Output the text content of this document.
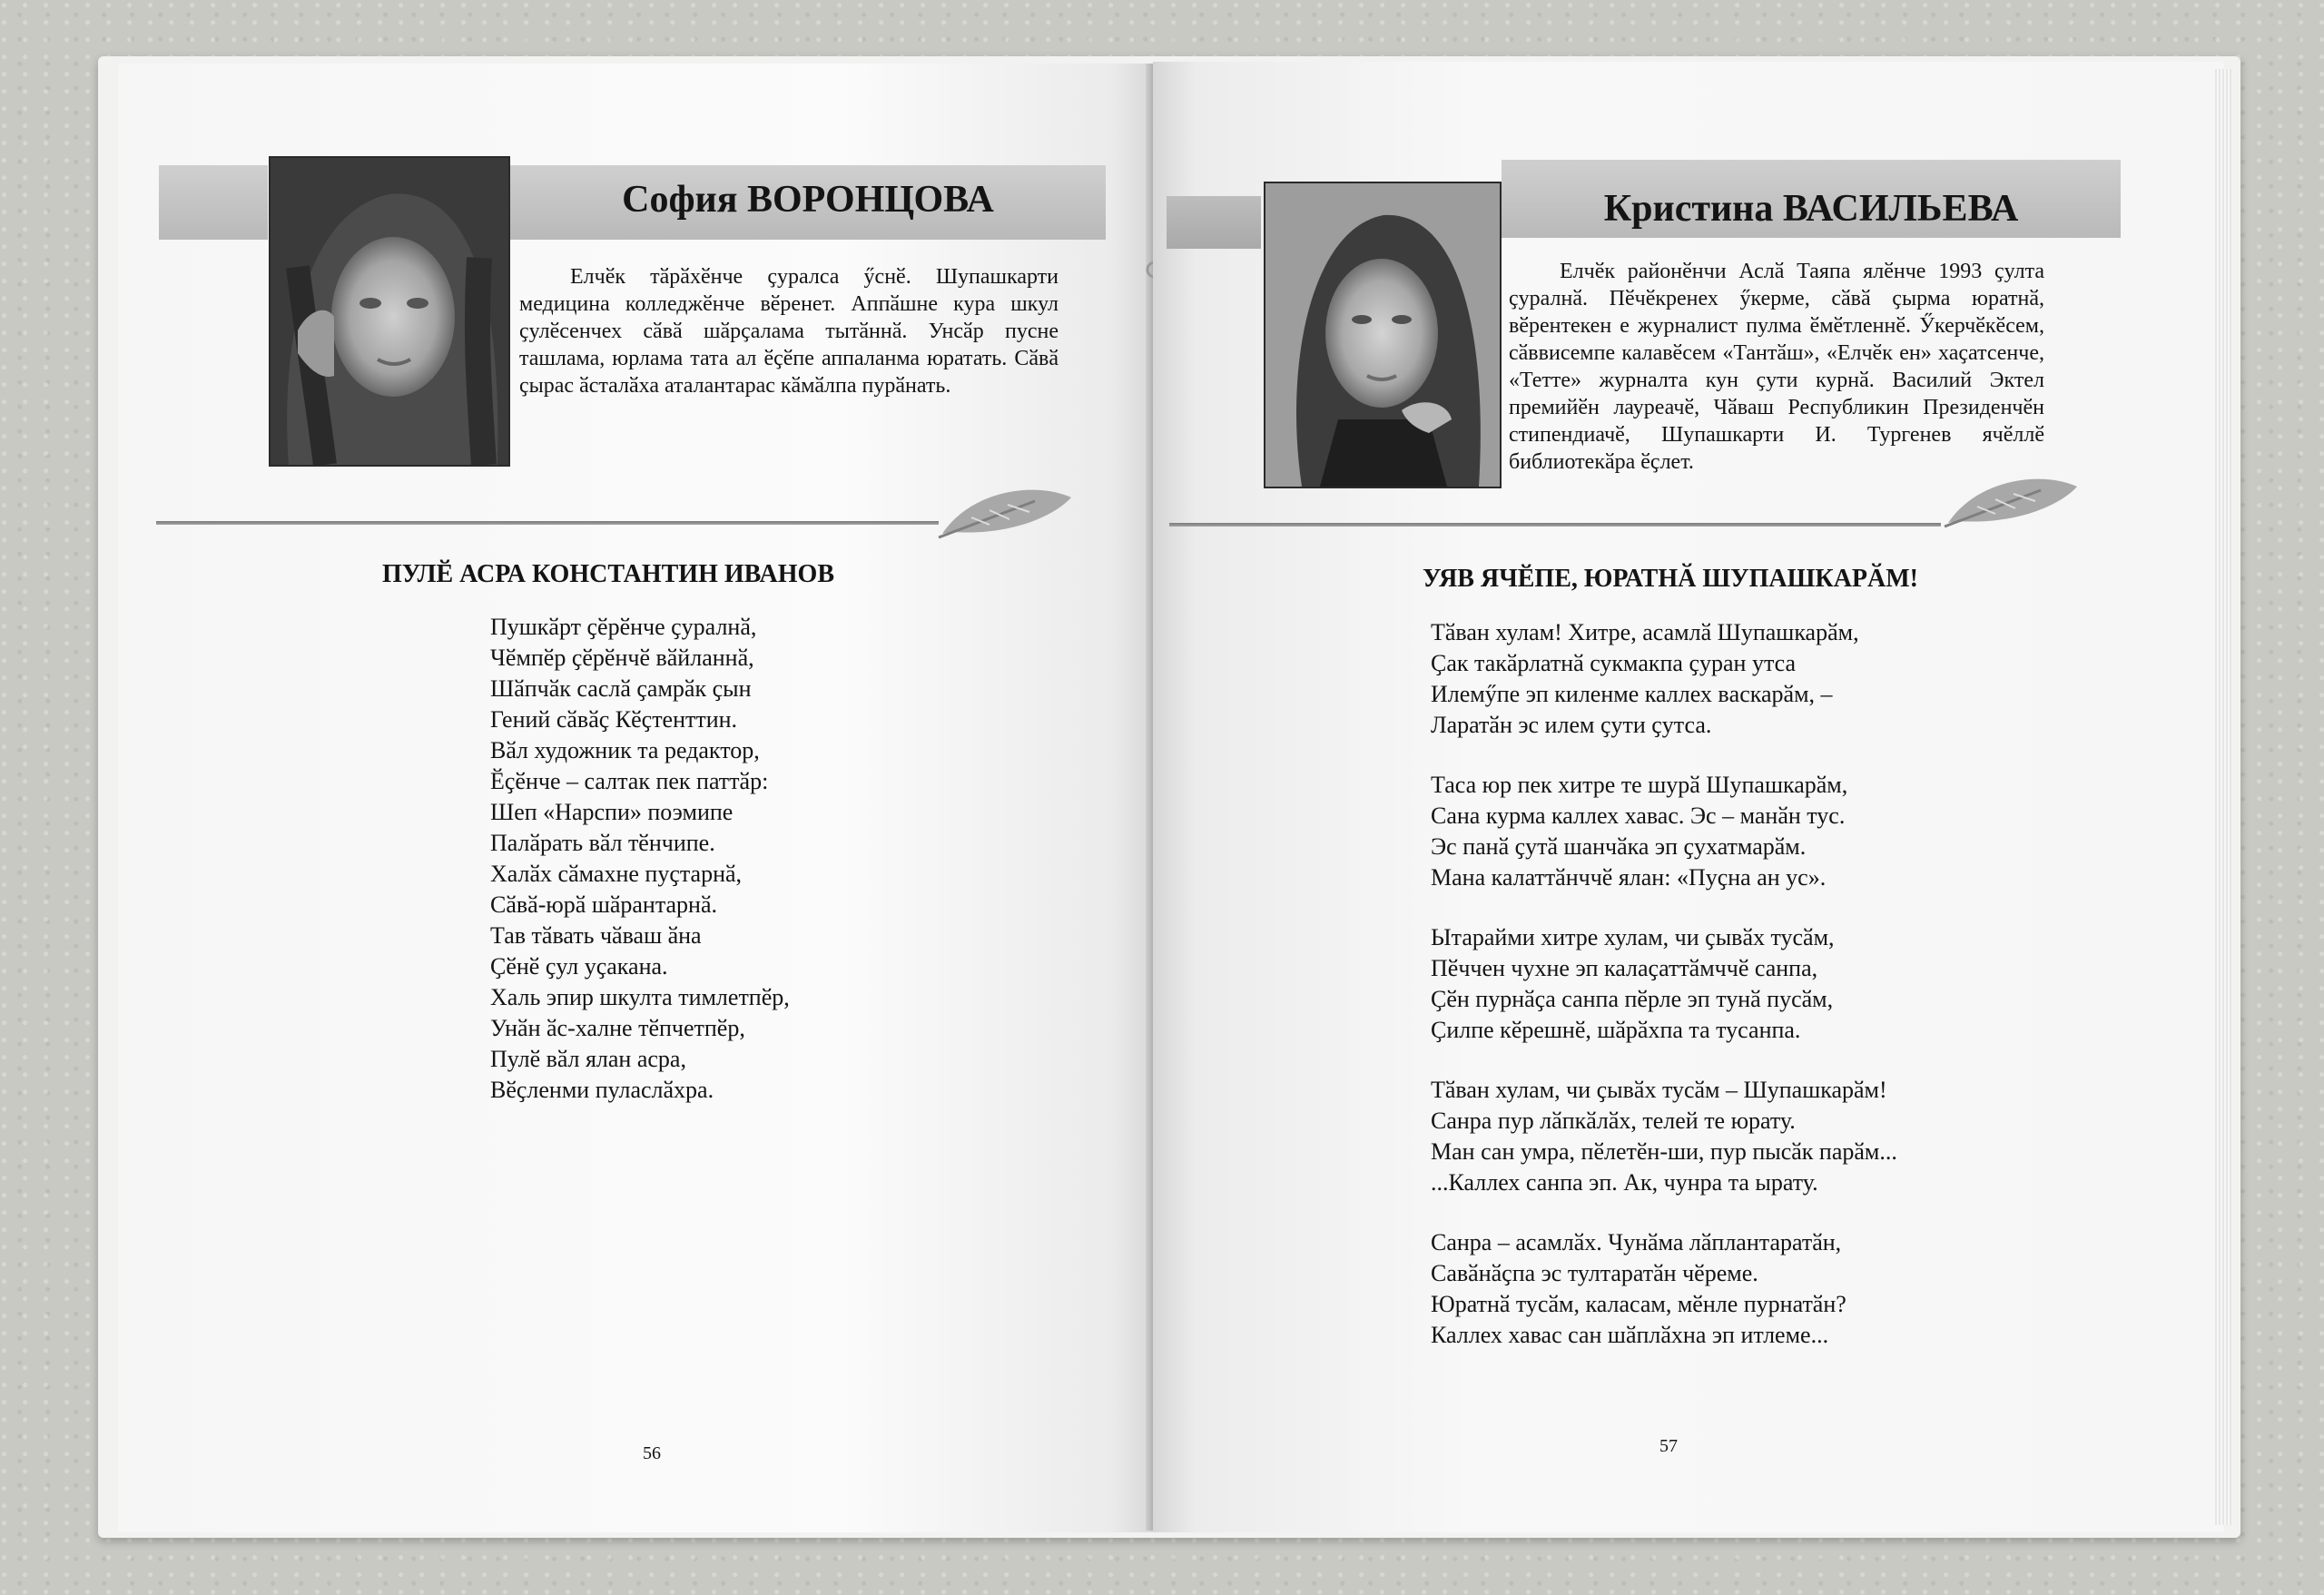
София ВОРОНЦОВА

Елчӗк тӑрӑхӗнче ҫуралса ӳснӗ. Шупашкарти медицина колледжӗнче вӗренет. Аппӑшне кура шкул ҫулӗсенчех сӑвӑ шӑрҫалама тытӑннӑ. Унсӑр пусне ташлама, юрлама тата ал ӗҫӗпе аппаланма юратать. Сӑвӑ ҫырас ӑсталӑха аталантарас кӑмӑлпа пурӑнать.

ПУЛӖ АСРА КОНСТАНТИН ИВАНОВ
Пушкӑрт ҫӗрӗнче ҫуралнӑ,
Чӗмпӗр ҫӗрӗнчӗ вӑйланнӑ,
Шӑпчӑк саслӑ ҫамрӑк ҫын
Гений сӑвӑҫ Кӗҫтенттин.
Вӑл художник та редактор,
Ӗҫӗнче – салтак пек паттӑр:
Шеп «Нарспи» поэмипе
Палӑрать вӑл тӗнчипе.
Халӑх сӑмахне пуҫтарнӑ,
Сӑвӑ-юрӑ шӑрантарнӑ.
Тав тӑвать чӑваш ӑна
Ҫӗнӗ ҫул уҫакана.
Халь эпир шкулта тимлетпӗр,
Унӑн ӑс-халне тӗпчетпӗр,
Пулӗ вӑл ялан асра,
Вӗҫленми пуласлӑхра.
56
Кристина ВАСИЛЬЕВА

Елчӗк районӗнчи Аслӑ Таяпа ялӗнче 1993 ҫулта ҫуралнӑ. Пӗчӗкренех ӳкерме, сӑвӑ ҫырма юратнӑ, вӗрентекен е журналист пулма ӗмӗтленнӗ. Ӳкерчӗкӗсем, сӑввисемпе калавӗсем «Тантӑш», «Елчӗк ен» хаҫатсенче, «Тетте» журналта кун ҫути курнӑ. Василий Эктел премийӗн лауреачӗ, Чӑваш Республикин Президенчӗн стипендиачӗ, Шупашкарти И. Тургенев ячӗллӗ библиотекӑра ӗҫлет.

УЯВ ЯЧӖПЕ, ЮРАТНӐ ШУПАШКАРӐМ!
Тӑван хулам! Хитре, асамлӑ Шупашкарӑм,
Ҫак такӑрлатнӑ сукмакпа ҫуран утса
Илемӳпе эп киленме каллех вaскарӑм, –
Ларатӑн эс илем ҫути ҫутса.
Таса юр пек хитре те шурӑ Шупашкарӑм,
Сана курма каллех хавас. Эс – манӑн тус.
Эс панӑ ҫутӑ шанчӑка эп ҫухатмарӑм.
Мана калаттӑнччӗ ялан: «Пуҫна ан ус».
Ытарайми хитре хулам, чи ҫывӑх тусӑм,
Пӗччен чухне эп калаҫаттӑмччӗ санпа,
Ҫӗн пурнӑҫа санпа пӗрле эп тунӑ пусӑм,
Ҫилпе кӗрешнӗ, шӑрӑхпа та тусанпа.
Тӑван хулам, чи ҫывӑх тусӑм – Шупашкарӑм!
Санра пур лӑпкӑлӑх, телей те юрату.
Ман сан умра, пӗлетӗн-ши, пур пысӑк парӑм...
...Каллех санпа эп. Ак, чунра та ырату.
Санра – асамлӑх. Чунӑма лӑплантаратӑн,
Савӑнӑҫпа эс тултаратӑн чӗреме.
Юратнӑ тусӑм, каласам, мӗнле пурнатӑн?
Каллех хавас сан шӑплӑхна эп итлеме...
57
